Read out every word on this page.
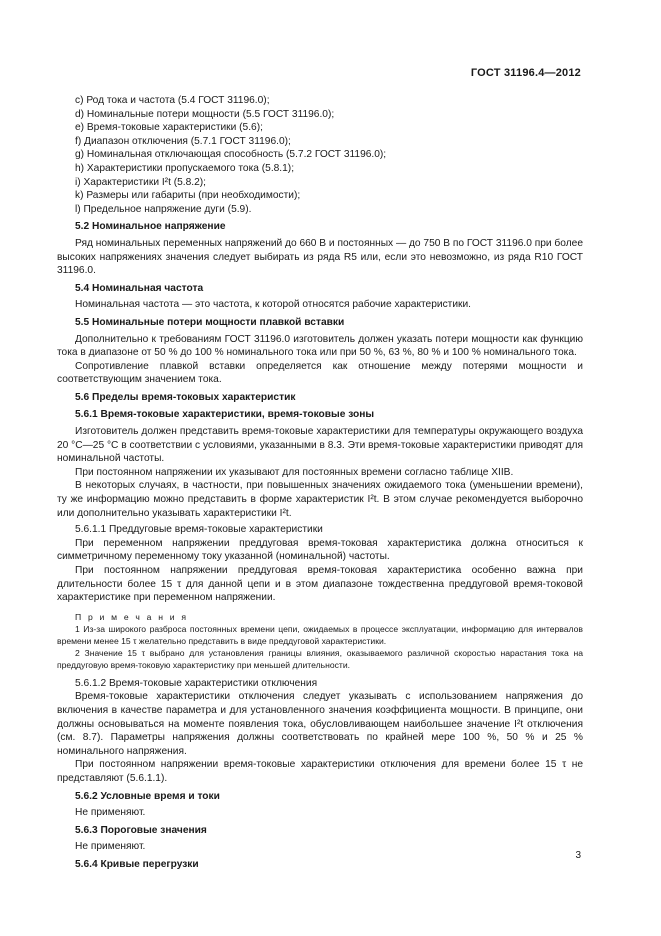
ГОСТ 31196.4—2012
c) Род тока и частота (5.4 ГОСТ 31196.0);
d) Номинальные потери мощности (5.5 ГОСТ 31196.0);
e) Время-токовые характеристики (5.6);
f) Диапазон отключения (5.7.1 ГОСТ 31196.0);
g) Номинальная отключающая способность (5.7.2 ГОСТ 31196.0);
h) Характеристики пропускаемого тока (5.8.1);
i) Характеристики I²t (5.8.2);
k) Размеры или габариты (при необходимости);
l) Предельное напряжение дуги (5.9).
5.2 Номинальное напряжение
Ряд номинальных переменных напряжений до 660 В и постоянных — до 750 В по ГОСТ 31196.0 при более высоких напряжениях значения следует выбирать из ряда R5 или, если это невозможно, из ряда R10 ГОСТ 31196.0.
5.4 Номинальная частота
Номинальная частота — это частота, к которой относятся рабочие характеристики.
5.5 Номинальные потери мощности плавкой вставки
Дополнительно к требованиям ГОСТ 31196.0 изготовитель должен указать потери мощности как функцию тока в диапазоне от 50 % до 100 % номинального тока или при 50 %, 63 %, 80 % и 100 % номинального тока.
Сопротивление плавкой вставки определяется как отношение между потерями мощности и соответствующим значением тока.
5.6 Пределы время-токовых характеристик
5.6.1 Время-токовые характеристики, время-токовые зоны
Изготовитель должен представить время-токовые характеристики для температуры окружающего воздуха 20 °С—25 °С в соответствии с условиями, указанными в 8.3. Эти время-токовые характеристики приводят для номинальной частоты.
При постоянном напряжении их указывают для постоянных времени согласно таблице XIIB.
В некоторых случаях, в частности, при повышенных значениях ожидаемого тока (уменьшении времени), ту же информацию можно представить в форме характеристик I²t. В этом случае рекомендуется выборочно или дополнительно указывать характеристики I²t.
5.6.1.1 Преддуговые время-токовые характеристики
При переменном напряжении преддуговая время-токовая характеристика должна относиться к симметричному переменному току указанной (номинальной) частоты.
При постоянном напряжении преддуговая время-токовая характеристика особенно важна при длительности более 15 τ для данной цепи и в этом диапазоне тождественна преддуговой время-токовой характеристике при переменном напряжении.
П р и м е ч а н и я
1 Из-за широкого разброса постоянных времени цепи, ожидаемых в процессе эксплуатации, информацию для интервалов времени менее 15 τ желательно представить в виде преддуговой характеристики.
2 Значение 15 τ выбрано для установления границы влияния, оказываемого различной скоростью нарастания тока на преддуговую время-токовую характеристику при меньшей длительности.
5.6.1.2 Время-токовые характеристики отключения
Время-токовые характеристики отключения следует указывать с использованием напряжения до включения в качестве параметра и для установленного значения коэффициента мощности. В принципе, они должны основываться на моменте появления тока, обусловливающем наибольшее значение I²t отключения (см. 8.7). Параметры напряжения должны соответствовать по крайней мере 100 %, 50 % и 25 % номинального напряжения.
При постоянном напряжении время-токовые характеристики отключения для времени более 15 τ не представляют (5.6.1.1).
5.6.2 Условные время и токи
Не применяют.
5.6.3 Пороговые значения
Не применяют.
5.6.4 Кривые перегрузки
3
